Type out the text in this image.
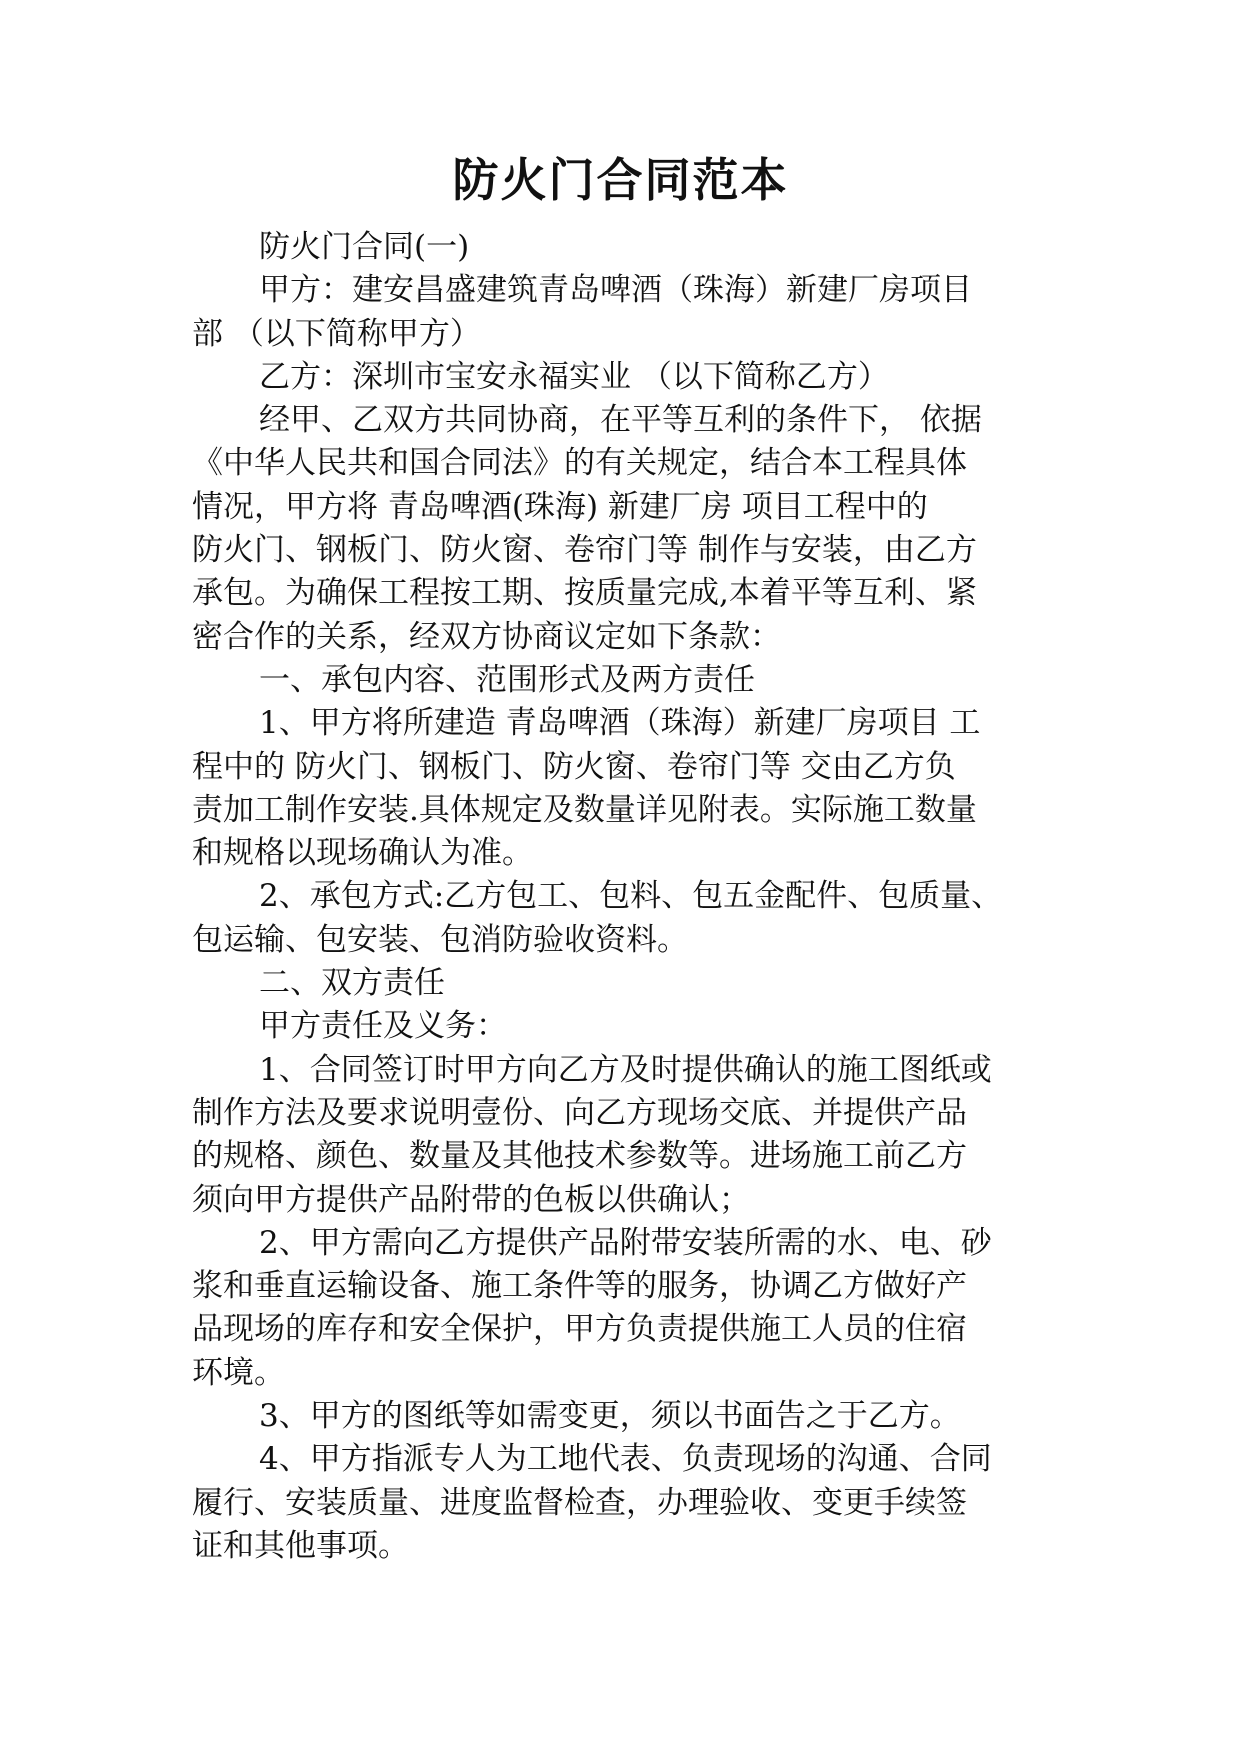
防火门合同范本
防火门合同(一)
甲方：建安昌盛建筑青岛啤酒（珠海）新建厂房项目
部 （以下简称甲方）
乙方：深圳市宝安永福实业 （以下简称乙方）
经甲、乙双方共同协商，在平等互利的条件下， 依据
《中华人民共和国合同法》的有关规定，结合本工程具体
情况，甲方将 青岛啤酒(珠海) 新建厂房 项目工程中的
防火门、钢板门、防火窗、卷帘门等 制作与安装，由乙方
承包。为确保工程按工期、按质量完成,本着平等互利、紧
密合作的关系，经双方协商议定如下条款：
一、承包内容、范围形式及两方责任
1、甲方将所建造 青岛啤酒（珠海）新建厂房项目 工
程中的 防火门、钢板门、防火窗、卷帘门等 交由乙方负
责加工制作安装.具体规定及数量详见附表。实际施工数量
和规格以现场确认为准。
2、承包方式:乙方包工、包料、包五金配件、包质量、
包运输、包安装、包消防验收资料。
二、双方责任
甲方责任及义务：
1、合同签订时甲方向乙方及时提供确认的施工图纸或
制作方法及要求说明壹份、向乙方现场交底、并提供产品
的规格、颜色、数量及其他技术参数等。进场施工前乙方
须向甲方提供产品附带的色板以供确认；
2、甲方需向乙方提供产品附带安装所需的水、电、砂
浆和垂直运输设备、施工条件等的服务，协调乙方做好产
品现场的库存和安全保护，甲方负责提供施工人员的住宿
环境。
3、甲方的图纸等如需变更，须以书面告之于乙方。
4、甲方指派专人为工地代表、负责现场的沟通、合同
履行、安装质量、进度监督检查，办理验收、变更手续签
证和其他事项。
